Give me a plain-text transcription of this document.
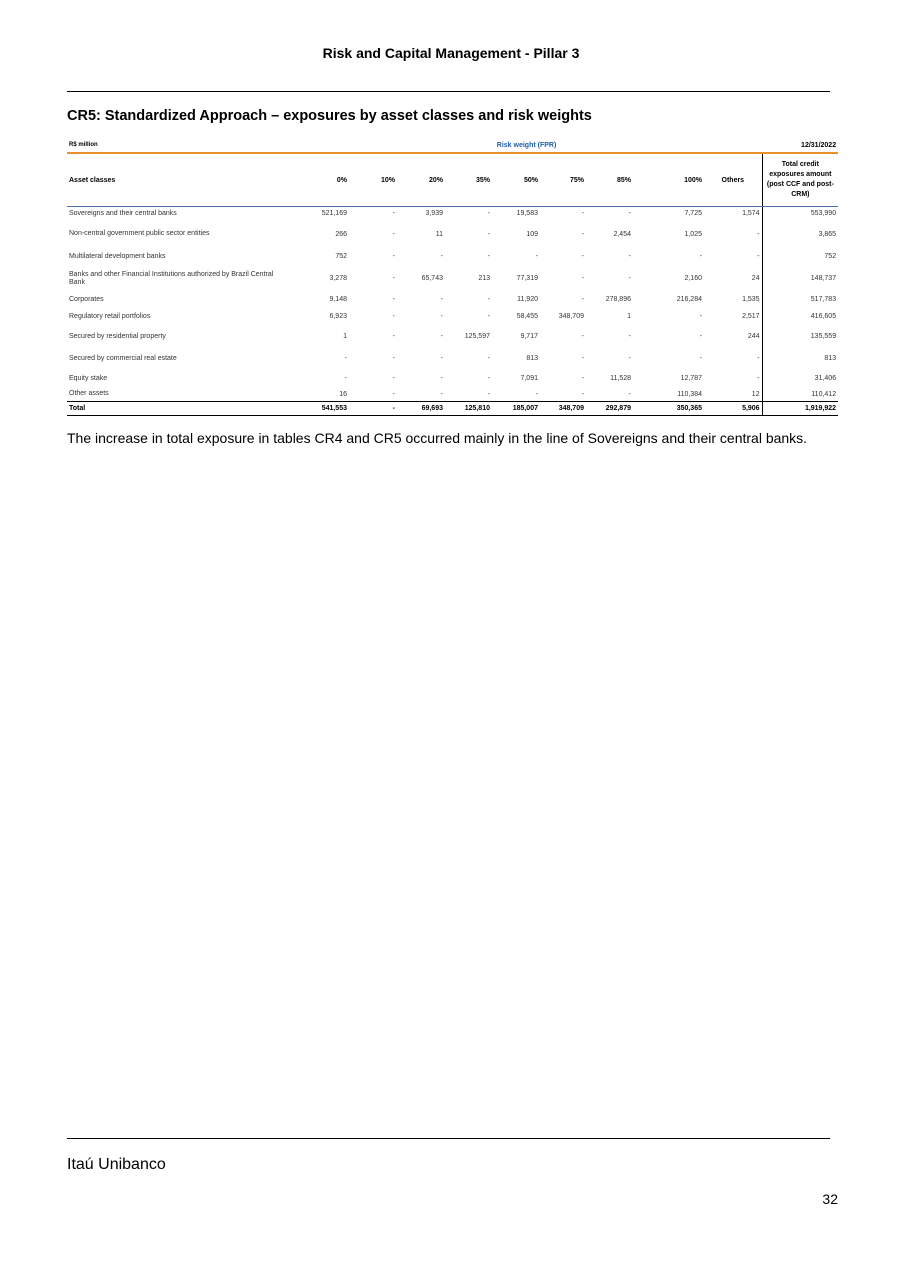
Risk and Capital Management - Pillar 3
CR5: Standardized Approach – exposures by asset classes and risk weights
R$ million	Risk weight (FPR)									12/31/2022
Asset classes	0%	10%	20%	35%	50%	75%	85%	100%	Others	Total credit exposures amount (post CCF and post-CRM)
Sovereigns and their central banks	521,169	-	3,939	-	19,583	-	-	7,725	1,574	553,990
Non-central government public sector entities	266	-	11	-	109	-	2,454	1,025	-	3,865
Multilateral development banks	752	-	-	-	-	-	-	-	-	752
Banks and other Financial Institutions authorized by Brazil Central Bank	3,278	-	65,743	213	77,319	-	-	2,160	24	148,737
Corporates	9,148	-	-	-	11,920	-	278,896	216,284	1,535	517,783
Regulatory retail portfolios	6,923	-	-	-	58,455	348,709	1	-	2,517	416,605
Secured by residential property	1	-	-	125,597	9,717	-	-	-	244	135,559
Secured by commercial real estate	-	-	-	-	813	-	-	-	-	813
Equity stake	-	-	-	-	7,091	-	11,528	12,787	-	31,406
Other assets	16	-	-	-	-	-	-	110,384	12	110,412
Total	541,553	-	69,693	125,810	185,007	348,709	292,879	350,365	5,906	1,919,922
The increase in total exposure in tables CR4 and CR5 occurred mainly in the line of Sovereigns and their central banks.
Itaú Unibanco
32
